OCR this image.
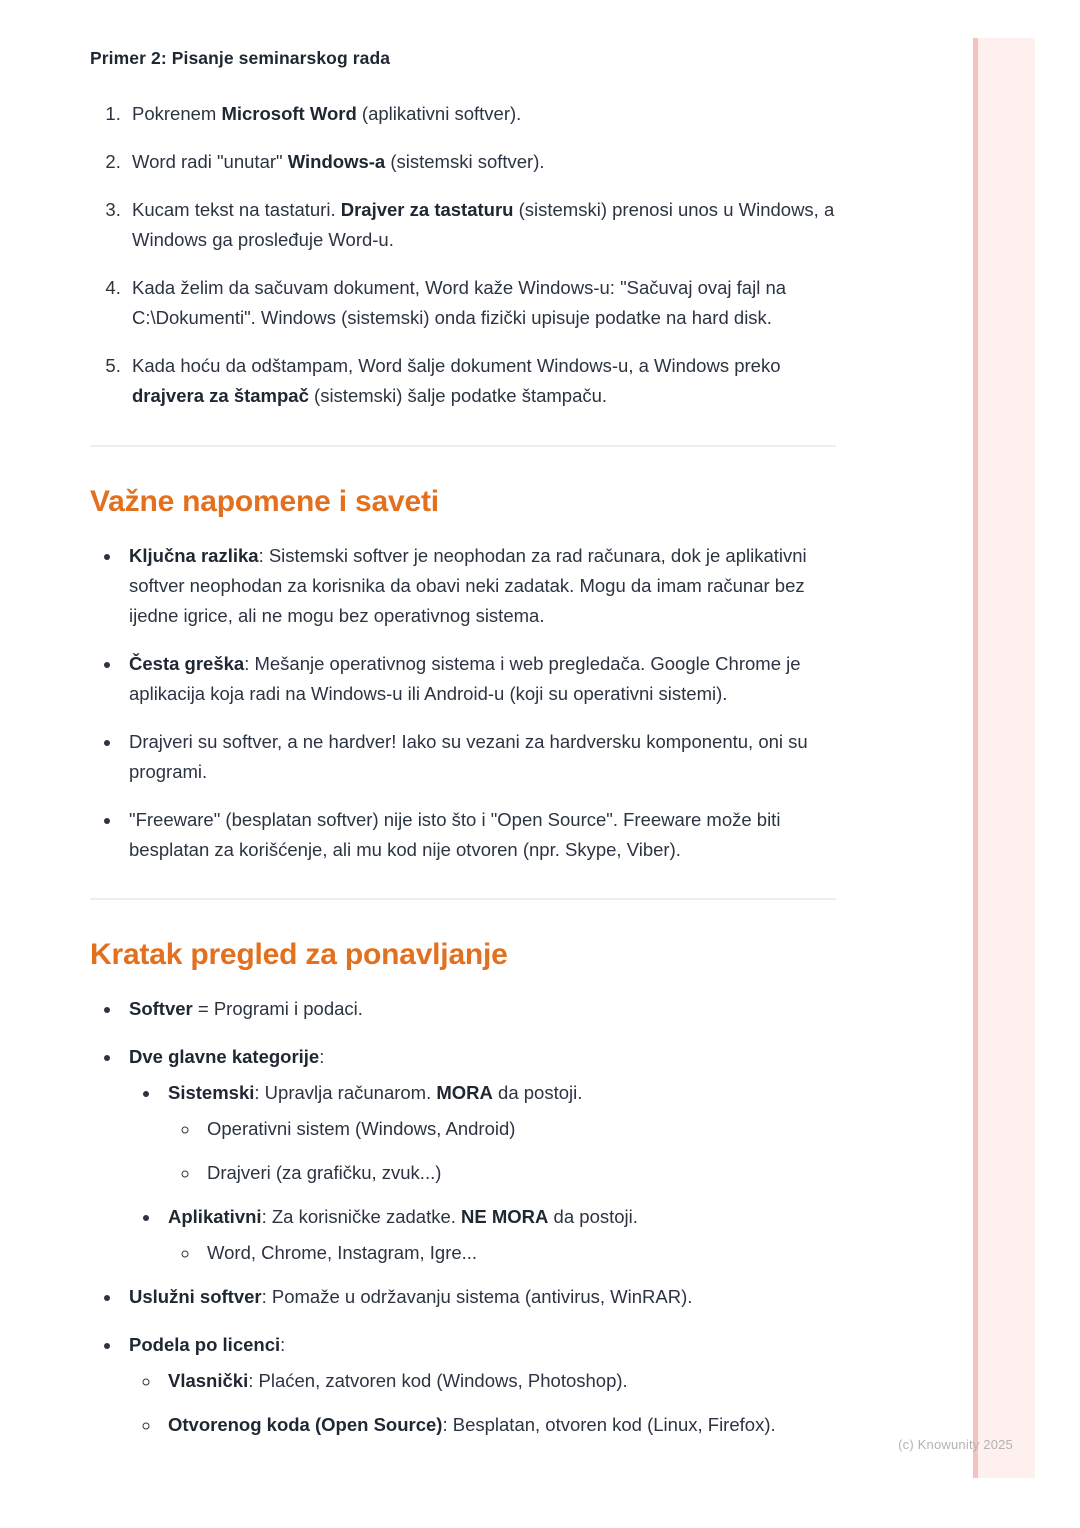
Primer 2: Pisanje seminarskog rada
1. Pokrenem Microsoft Word (aplikativni softver).
2. Word radi "unutar" Windows-a (sistemski softver).
3. Kucam tekst na tastaturi. Drajver za tastaturu (sistemski) prenosi unos u Windows, a Windows ga prosleđuje Word-u.
4. Kada želim da sačuvam dokument, Word kaže Windows-u: "Sačuvaj ovaj fajl na C:\Dokumenti". Windows (sistemski) onda fizički upisuje podatke na hard disk.
5. Kada hoću da odštampam, Word šalje dokument Windows-u, a Windows preko drajvera za štampač (sistemski) šalje podatke štampaču.
Važne napomene i saveti
• Ključna razlika: Sistemski softver je neophodan za rad računara, dok je aplikativni softver neophodan za korisnika da obavi neki zadatak. Mogu da imam računar bez ijedne igrice, ali ne mogu bez operativnog sistema.
• Česta greška: Mešanje operativnog sistema i web pregledača. Google Chrome je aplikacija koja radi na Windows-u ili Android-u (koji su operativni sistemi).
• Drajveri su softver, a ne hardver! Iako su vezani za hardversku komponentu, oni su programi.
• "Freeware" (besplatan softver) nije isto što i "Open Source". Freeware može biti besplatan za korišćenje, ali mu kod nije otvoren (npr. Skype, Viber).
Kratak pregled za ponavljanje
• Softver = Programi i podaci.
• Dve glavne kategorije:
• Sistemski: Upravlja računarom. MORA da postoji.
◦ Operativni sistem (Windows, Android)
◦ Drajveri (za grafičku, zvuk...)
• Aplikativni: Za korisničke zadatke. NE MORA da postoji.
◦ Word, Chrome, Instagram, Igre...
• Uslužni softver: Pomaže u održavanju sistema (antivirus, WinRAR).
• Podela po licenci:
◦ Vlasnički: Plaćen, zatvoren kod (Windows, Photoshop).
◦ Otvorenog koda (Open Source): Besplatan, otvoren kod (Linux, Firefox).
(c) Knowunity 2025
